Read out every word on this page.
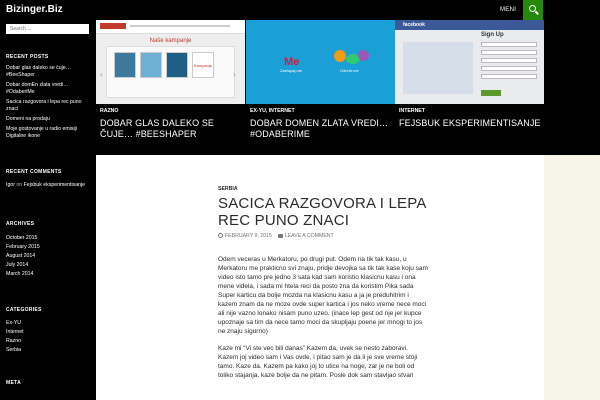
Bizinger.Biz	MENI
Search ...
RECENT POSTS
Dobar glas daleko se čuje… #BeeShaper
Dobar domEn zlata vredi… #OdaberiMe
Sacica razgovora i lepa rec puno znaci
Domeni na prodaju
Moje gostovanje u radio emisiji Digitalne ikone
RECENT COMMENTS
Igor on Fejsbuk eksperimentisanje
ARCHIVES
October 2015
February 2015
August 2014
July 2014
March 2014
CATEGORIES
Ex-YU
Internet
Razno
Serbia
META
Naše kampanje
Kampanje
‹	›
RAZNO
DOBAR GLAS DALEKO SE ČUJE… #BEESHAPER
Me
Zastupaj.me	Odredi.me
EX-YU, INTERNET
DOBAR DOMEN ZLATA VREDI… #ODABERIME
facebook
Sign Up
INTERNET
FEJSBUK EKSPERIMENTISANJE
SERBIA
SACICA RAZGOVORA I LEPA REC PUNO ZNACI
FEBRUARY 9, 2015	LEAVE A COMMENT

Odem veceras u Merkatoru, po drugi put. Odem na tik tak kasu, u Merkatoru me prakticno svi znaju, pridje devojka sa tik tak kase koju sam video isto tamo pre jedno 3 sata kad sam koristio klasicnu kasu i ona mene videla, i sada mi htela reci da posto zna da koristim Pika sada Super karticu da bolje mozda na klasicnu kasu a ja je preduhitrim i kazem znam da ne moze ovde super kartica i jos neko vreme nece moci ali nije vazno lonako nisam puno uzeo. (inace lep gest od nje jer kupce upoznaje sa tim da nece tamo moci da skupljaju poene jer mnogi to jos ne znaju sigurno)

Kaze mi “Vi ste vec bili danas” Kazem da, uvek se nesto zaboravi. Kazem joj video sam i Vas ovde, i pitao sam je da li je sve vreme stoji tamo. Kaze da. Kazem pa kako joj to utice na noge, zar je ne boli od toliko stajanja, kaze bolje da ne pitam. Posle dok sam stavljao stvari
